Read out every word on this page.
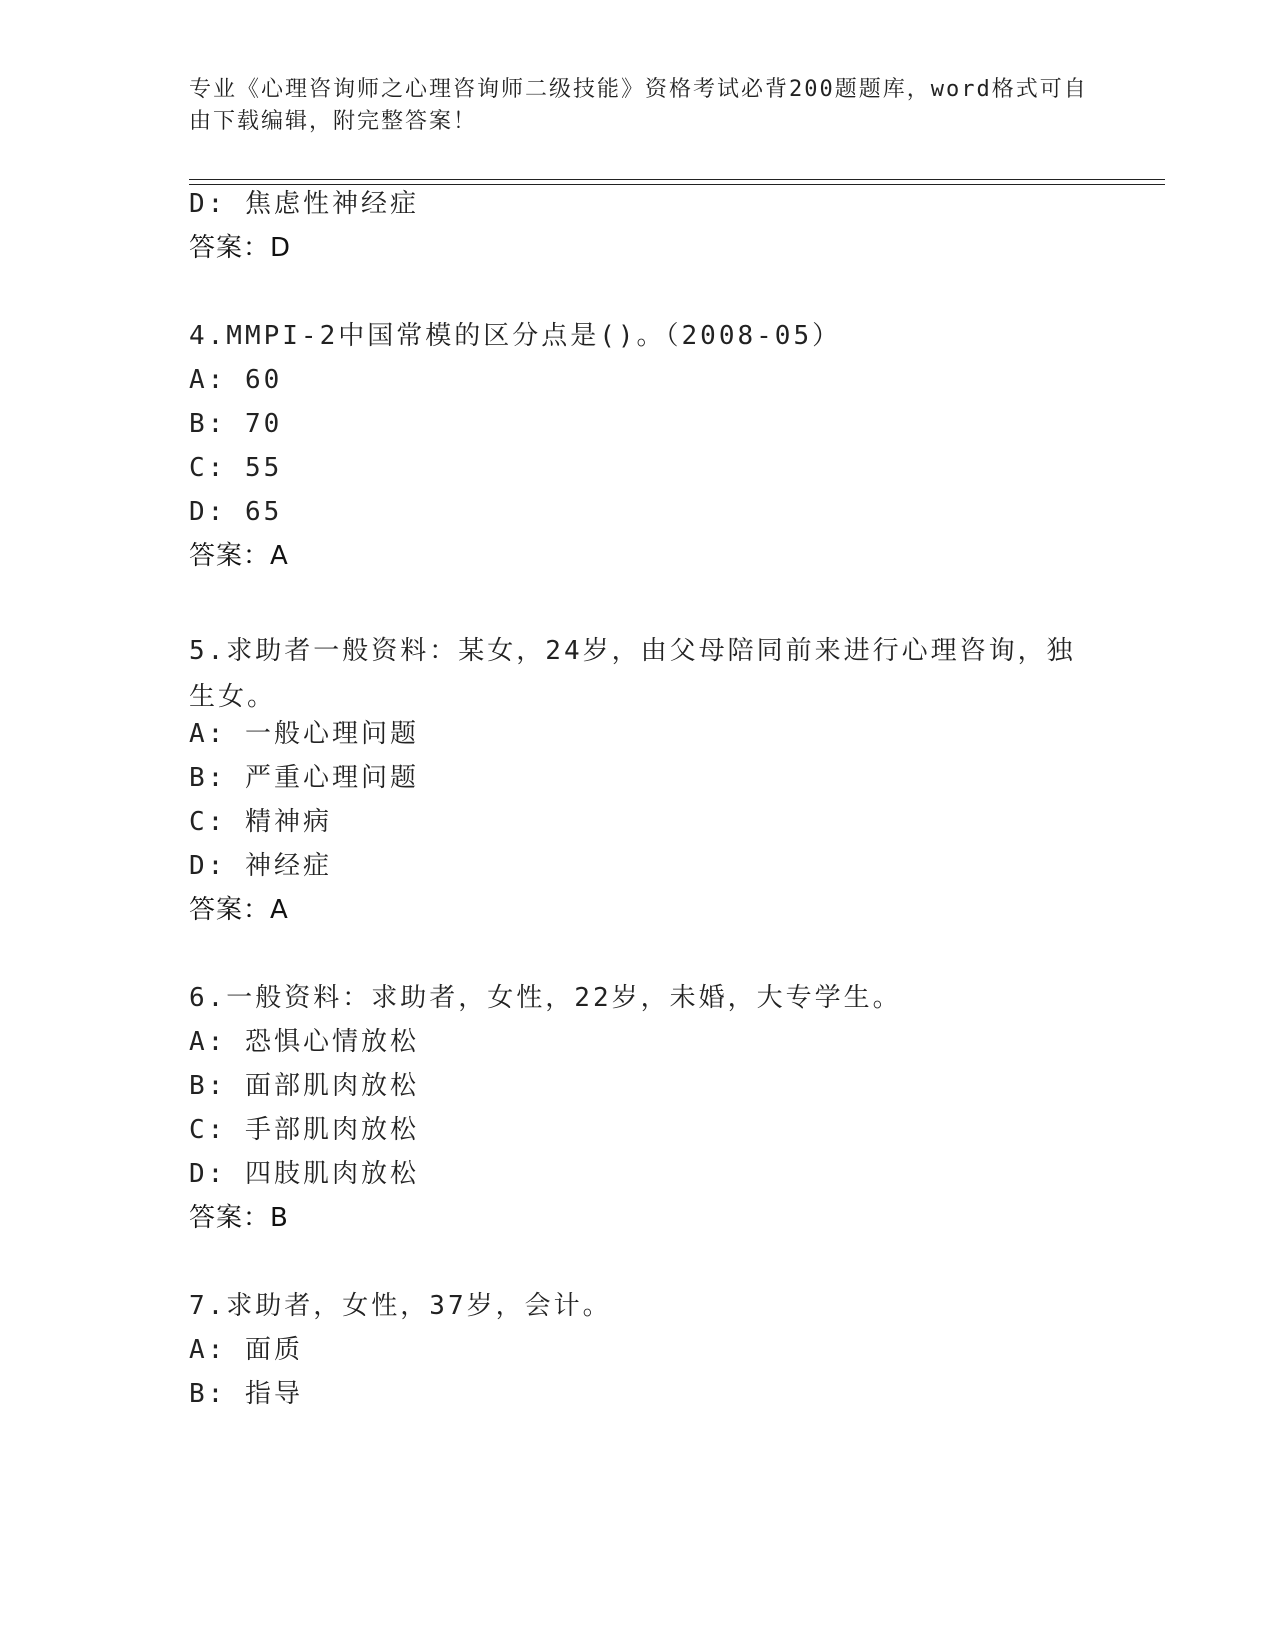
专业《心理咨询师之心理咨询师二级技能》资格考试必背200题题库，word格式可自由下载编辑，附完整答案！
D: 焦虑性神经症
答案：D
4.MMPI-2中国常模的区分点是()。（2008-05）
A: 60
B: 70
C: 55
D: 65
答案：A
5.求助者一般资料：某女，24岁，由父母陪同前来进行心理咨询，独生女。
A: 一般心理问题
B: 严重心理问题
C: 精神病
D: 神经症
答案：A
6.一般资料：求助者，女性，22岁，未婚，大专学生。
A: 恐惧心情放松
B: 面部肌肉放松
C: 手部肌肉放松
D: 四肢肌肉放松
答案：B
7.求助者，女性，37岁，会计。
A: 面质
B: 指导
